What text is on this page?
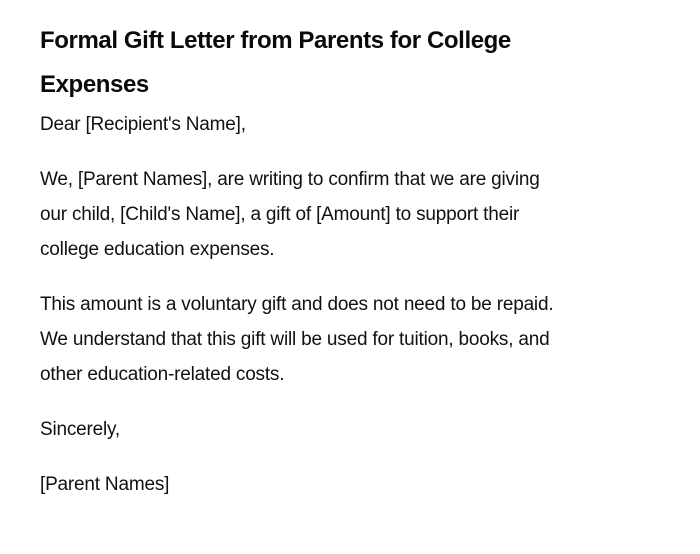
Formal Gift Letter from Parents for College
Expenses

Dear [Recipient's Name],

We, [Parent Names], are writing to confirm that we are giving
our child, [Child's Name], a gift of [Amount] to support their
college education expenses.

This amount is a voluntary gift and does not need to be repaid.
We understand that this gift will be used for tuition, books, and
other education-related costs.

Sincerely,

[Parent Names]
